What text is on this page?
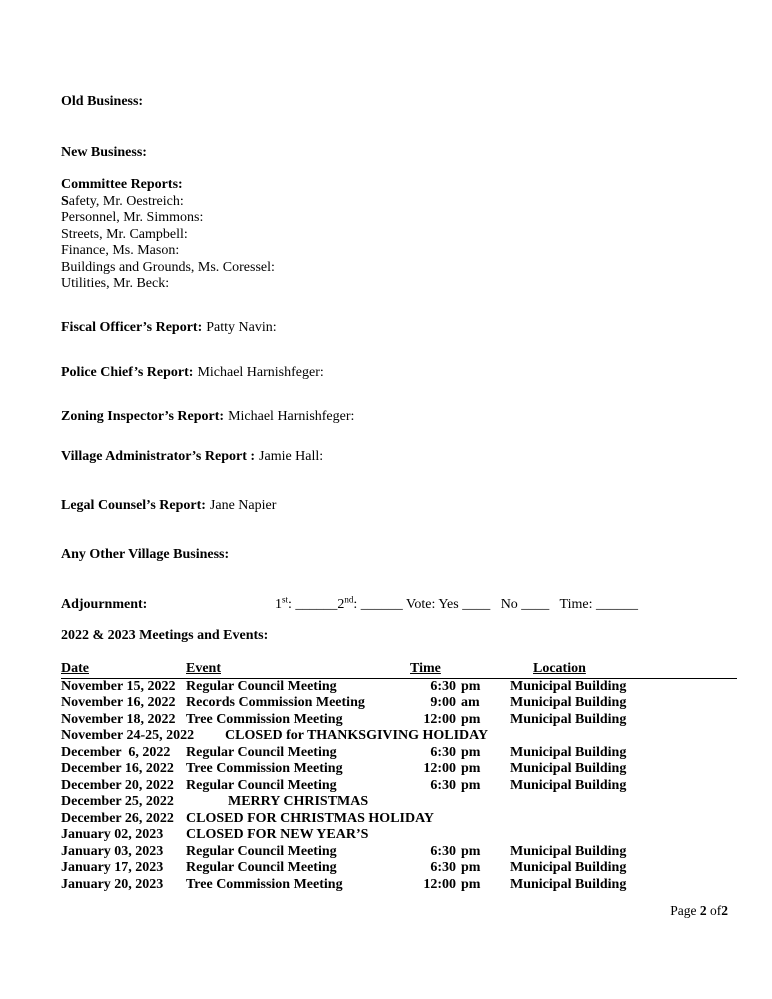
Old Business:
New Business:
Committee Reports:
Safety, Mr. Oestreich:
Personnel, Mr. Simmons:
Streets, Mr. Campbell:
Finance, Ms. Mason:
Buildings and Grounds, Ms. Coressel:
Utilities, Mr. Beck:
Fiscal Officer’s Report: Patty Navin:
Police Chief’s Report: Michael Harnishfeger:
Zoning Inspector’s Report: Michael Harnishfeger:
Village Administrator’s Report : Jamie Hall:
Legal Counsel’s Report: Jane Napier
Any Other Village Business:
Adjournment:	1st: ______2nd: ______ Vote: Yes ____   No ____   Time: ______
2022 & 2023 Meetings and Events:
Date	Event	Time	Location
November 15, 2022 Regular Council Meeting	6:30 pm	Municipal Building
November 16, 2022 Records Commission Meeting	9:00 am	Municipal Building
November 18, 2022 Tree Commission Meeting	12:00 pm	Municipal Building
November 24-25, 2022	CLOSED for THANKSGIVING HOLIDAY
December  6, 2022	Regular Council Meeting	6:30 pm	Municipal Building
December 16, 2022 Tree Commission Meeting	12:00 pm	Municipal Building
December 20, 2022 Regular Council Meeting	6:30 pm	Municipal Building
December 25, 2022	MERRY CHRISTMAS
December 26, 2022 CLOSED FOR CHRISTMAS HOLIDAY
January 02, 2023	CLOSED FOR NEW YEAR’S
January 03, 2023	Regular Council Meeting	6:30 pm	Municipal Building
January 17, 2023	Regular Council Meeting	6:30 pm	Municipal Building
January 20, 2023	Tree Commission Meeting	12:00 pm	Municipal Building
Page 2 of2
